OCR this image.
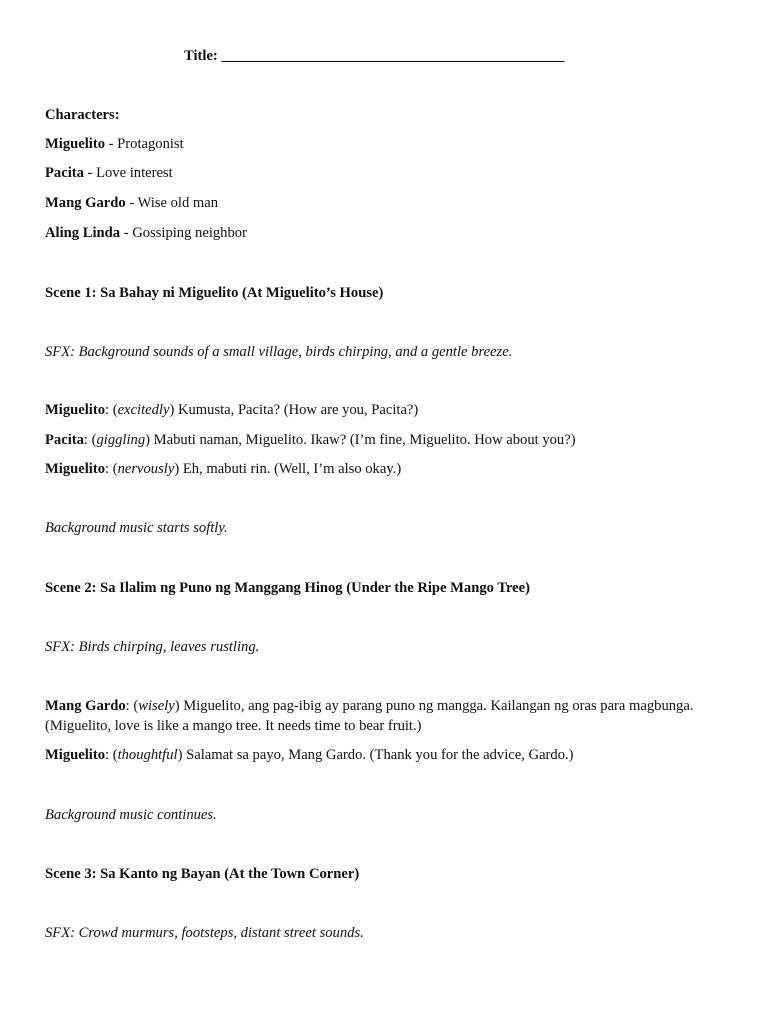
Title: _______________________________________________
Characters:
Miguelito - Protagonist
Pacita - Love interest
Mang Gardo - Wise old man
Aling Linda - Gossiping neighbor
Scene 1: Sa Bahay ni Miguelito (At Miguelito’s House)
SFX: Background sounds of a small village, birds chirping, and a gentle breeze.
Miguelito: (excitedly) Kumusta, Pacita? (How are you, Pacita?)
Pacita: (giggling) Mabuti naman, Miguelito. Ikaw? (I’m fine, Miguelito. How about you?)
Miguelito: (nervously) Eh, mabuti rin. (Well, I’m also okay.)
Background music starts softly.
Scene 2: Sa Ilalim ng Puno ng Manggang Hinog (Under the Ripe Mango Tree)
SFX: Birds chirping, leaves rustling.
Mang Gardo: (wisely) Miguelito, ang pag-ibig ay parang puno ng mangga. Kailangan ng oras para magbunga.
(Miguelito, love is like a mango tree. It needs time to bear fruit.)
Miguelito: (thoughtful) Salamat sa payo, Mang Gardo. (Thank you for the advice, Gardo.)
Background music continues.
Scene 3: Sa Kanto ng Bayan (At the Town Corner)
SFX: Crowd murmurs, footsteps, distant street sounds.
